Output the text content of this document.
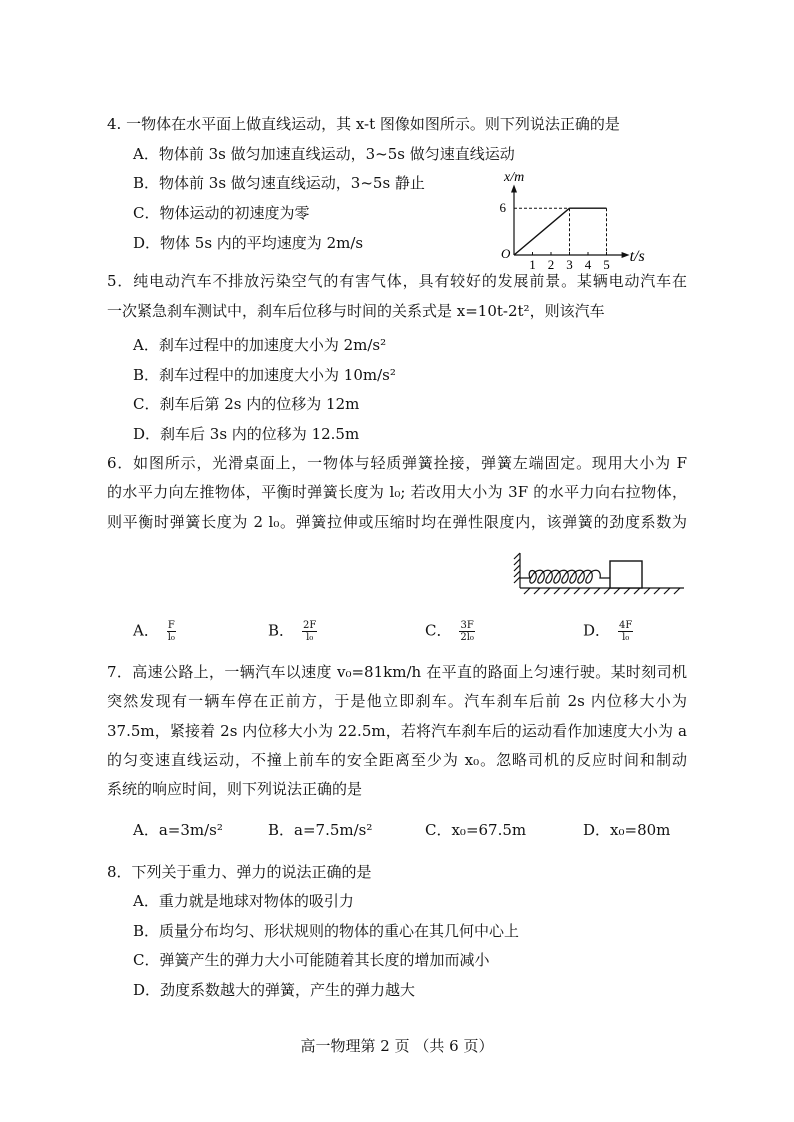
4. 一物体在水平面上做直线运动，其 x-t 图像如图所示。则下列说法正确的是
A．物体前 3s 做匀加速直线运动，3~5s 做匀速直线运动
B．物体前 3s 做匀速直线运动，3~5s 静止
C．物体运动的初速度为零
D．物体 5s 内的平均速度为 2m/s
x/m
t/s
O
1 2 3 4 5
6
5．纯电动汽车不排放污染空气的有害气体，具有较好的发展前景。某辆电动汽车在
一次紧急刹车测试中，刹车后位移与时间的关系式是 x=10t-2t²，则该汽车
A．刹车过程中的加速度大小为 2m/s²
B．刹车过程中的加速度大小为 10m/s²
C．刹车后第 2s 内的位移为 12m
D．刹车后 3s 内的位移为 12.5m
6．如图所示，光滑桌面上，一物体与轻质弹簧拴接，弹簧左端固定。现用大小为 F
的水平力向左推物体，平衡时弹簧长度为 l₀; 若改用大小为 3F 的水平力向右拉物体，
则平衡时弹簧长度为 2 l₀。弹簧拉伸或压缩时均在弹性限度内，该弹簧的劲度系数为
A． $\frac{F}{\text{l₀}}$	B． $\frac{2F}{\text{l₀}}$	C． $\frac{3F}{\text{2l₀}}$	D． $\frac{4F}{\text{l₀}}$
7．高速公路上，一辆汽车以速度 v₀=81km/h 在平直的路面上匀速行驶。某时刻司机
突然发现有一辆车停在正前方，于是他立即刹车。汽车刹车后前 2s 内位移大小为
37.5m，紧接着 2s 内位移大小为 22.5m，若将汽车刹车后的运动看作加速度大小为 a
的匀变速直线运动，不撞上前车的安全距离至少为 x₀。忽略司机的反应时间和制动
系统的响应时间，则下列说法正确的是
A．a=3m/s²	B．a=7.5m/s²	C．x₀=67.5m	D．x₀=80m
8．下列关于重力、弹力的说法正确的是
A．重力就是地球对物体的吸引力
B．质量分布均匀、形状规则的物体的重心在其几何中心上
C．弹簧产生的弹力大小可能随着其长度的增加而减小
D．劲度系数越大的弹簧，产生的弹力越大
高一物理第 2 页 （共 6 页）
